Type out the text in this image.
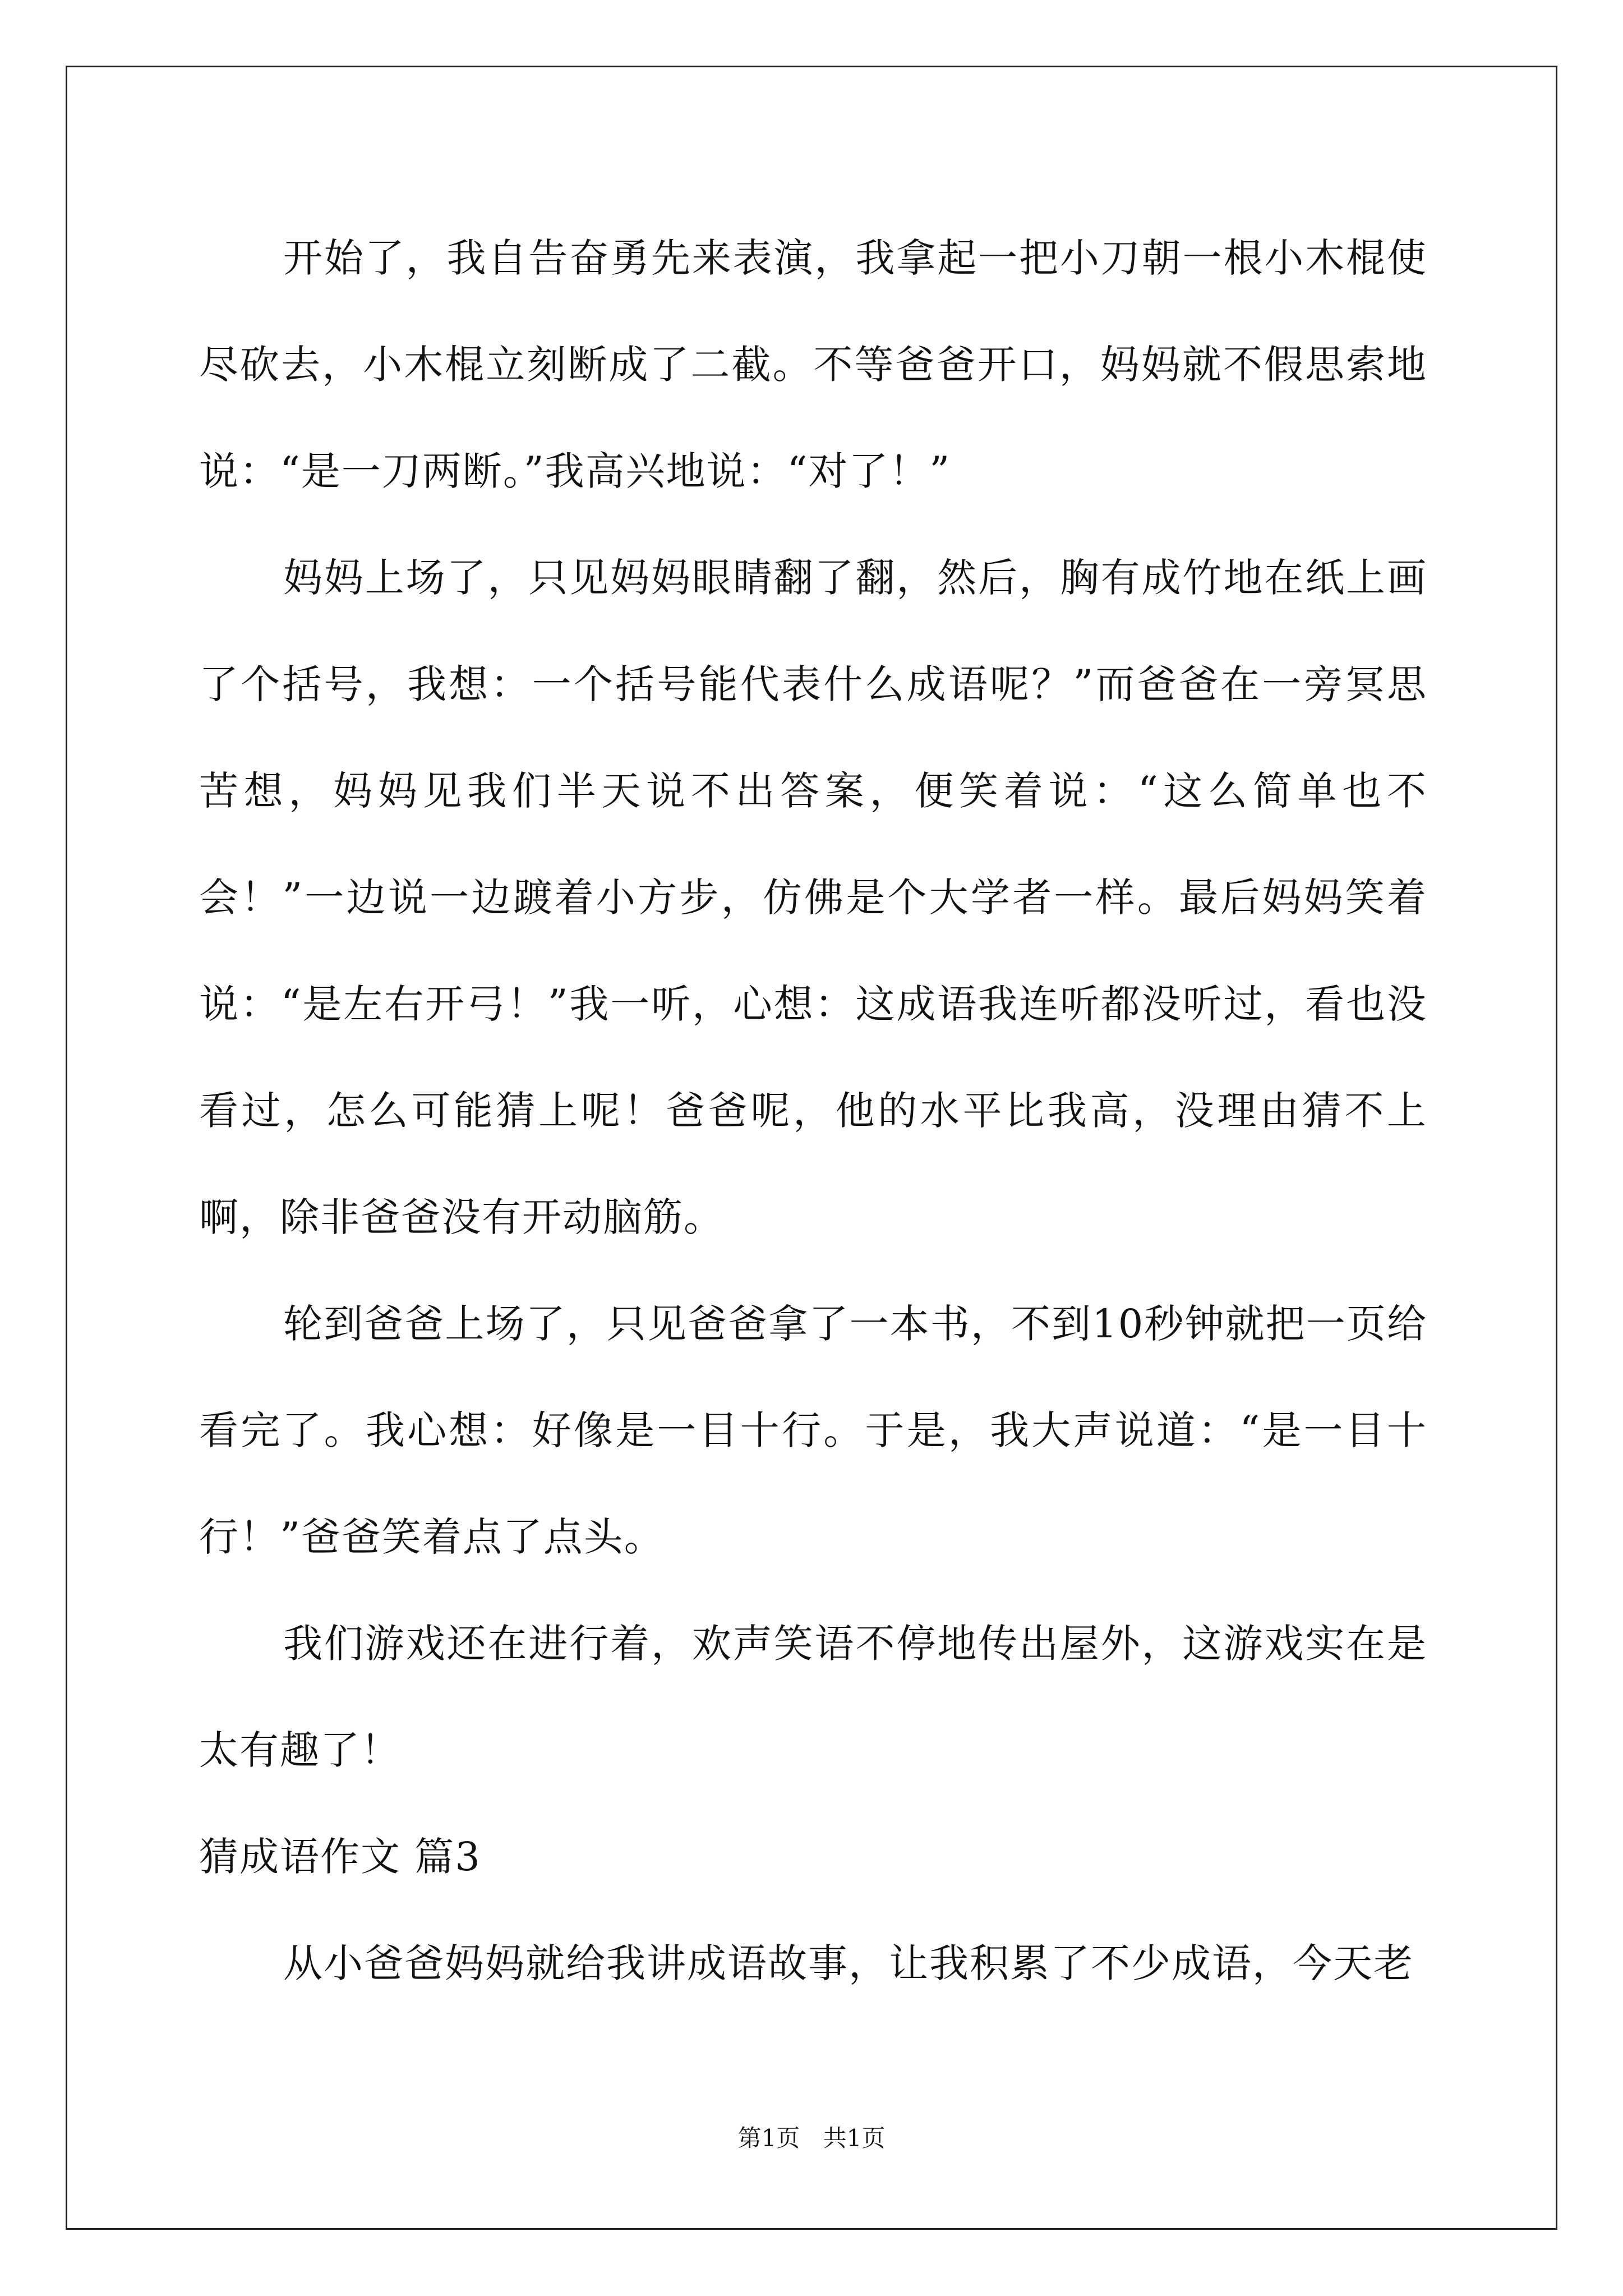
开始了，我自告奋勇先来表演，我拿起一把小刀朝一根小木棍使尽砍去，小木棍立刻断成了二截。不等爸爸开口，妈妈就不假思索地说：“是一刀两断。”我高兴地说：“对了！”

妈妈上场了，只见妈妈眼睛翻了翻，然后，胸有成竹地在纸上画了个括号，我想：一个括号能代表什么成语呢？”而爸爸在一旁冥思苦想，妈妈见我们半天说不出答案，便笑着说：“这么简单也不会！”一边说一边踱着小方步，仿佛是个大学者一样。最后妈妈笑着说：“是左右开弓！”我一听，心想：这成语我连听都没听过，看也没看过，怎么可能猜上呢！爸爸呢，他的水平比我高，没理由猜不上啊，除非爸爸没有开动脑筋。

轮到爸爸上场了，只见爸爸拿了一本书，不到10秒钟就把一页给看完了。我心想：好像是一目十行。于是，我大声说道：“是一目十行！”爸爸笑着点了点头。

我们游戏还在进行着，欢声笑语不停地传出屋外，这游戏实在是太有趣了！

猜成语作文 篇3

从小爸爸妈妈就给我讲成语故事，让我积累了不少成语，今天老

第1页 共1页
